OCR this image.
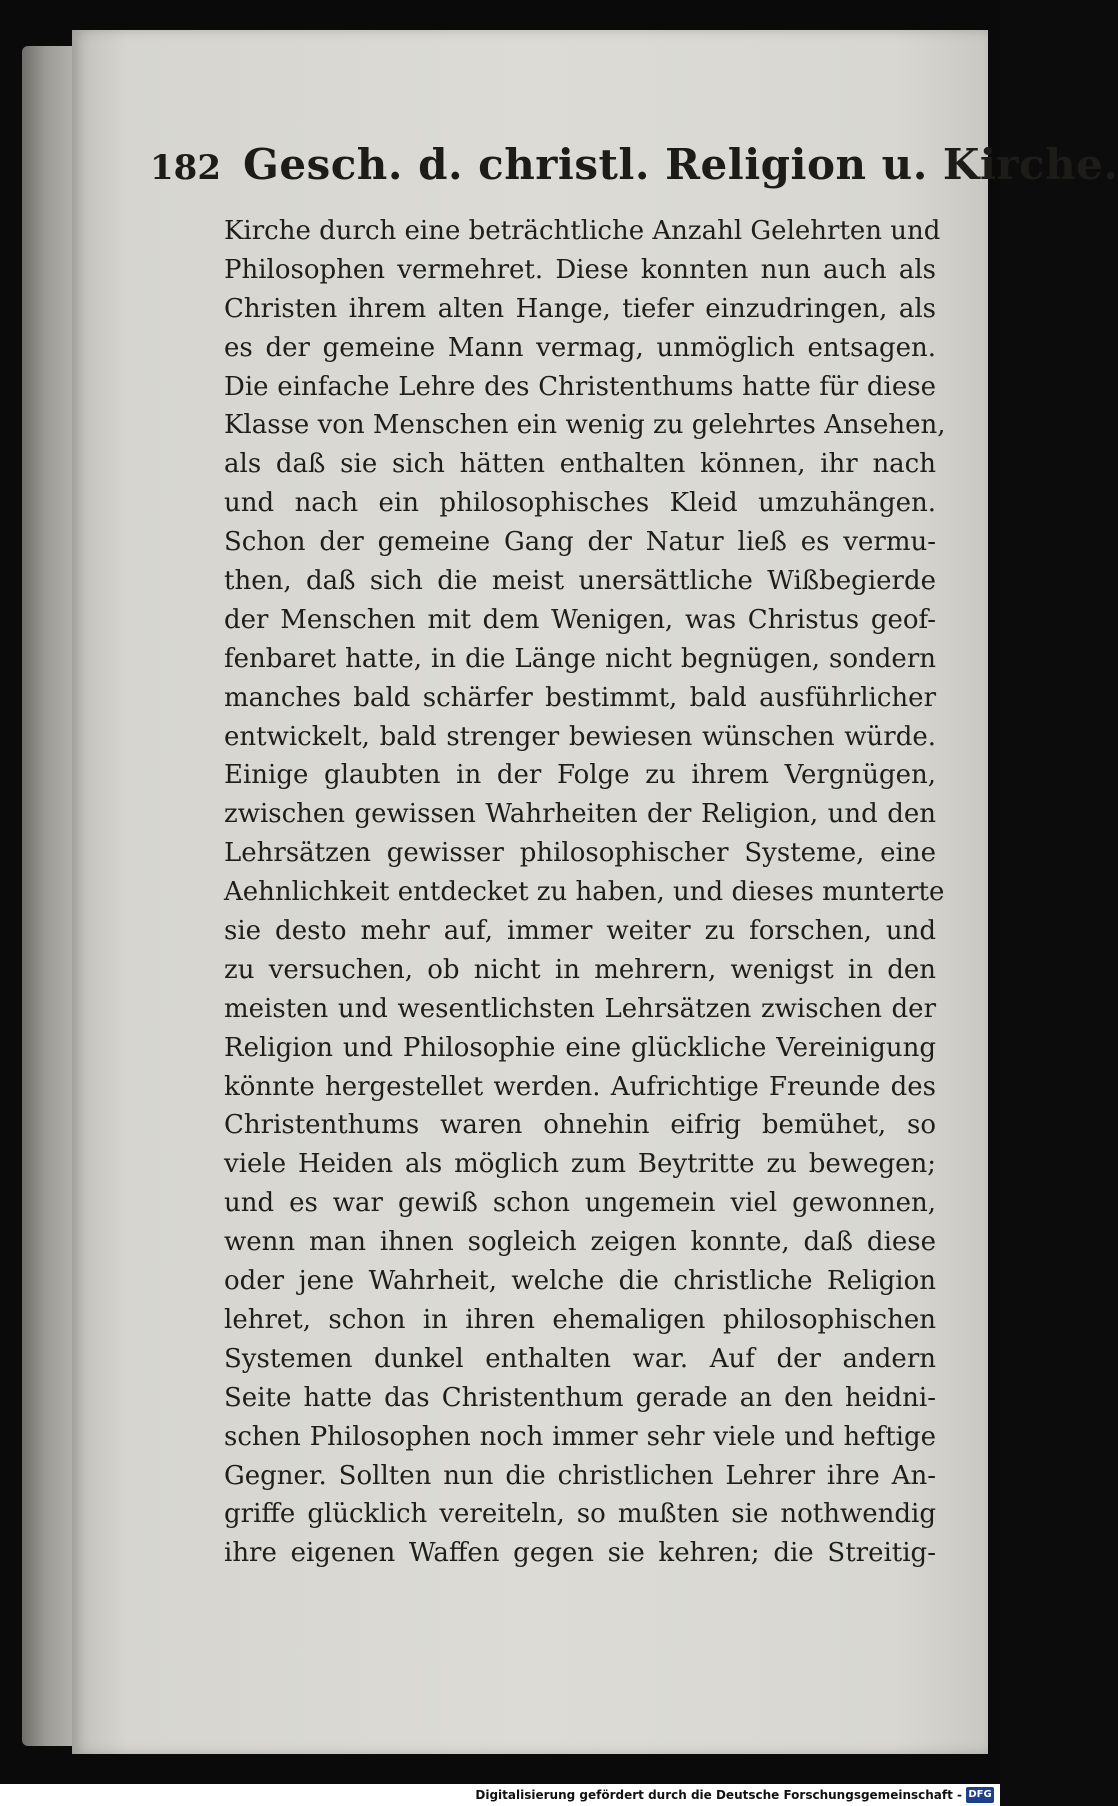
182 Gesch. d. christl. Religion u. Kirche.
Kirche durch eine beträchtliche Anzahl Gelehrten und
Philosophen vermehret. Diese konnten nun auch als
Christen ihrem alten Hange, tiefer einzudringen, als
es der gemeine Mann vermag, unmöglich entsagen.
Die einfache Lehre des Christenthums hatte für diese
Klasse von Menschen ein wenig zu gelehrtes Ansehen,
als daß sie sich hätten enthalten können, ihr nach
und nach ein philosophisches Kleid umzuhängen.
Schon der gemeine Gang der Natur ließ es vermu-
then, daß sich die meist unersättliche Wißbegierde
der Menschen mit dem Wenigen, was Christus geof-
fenbaret hatte, in die Länge nicht begnügen, sondern
manches bald schärfer bestimmt, bald ausführlicher
entwickelt, bald strenger bewiesen wünschen würde.
Einige glaubten in der Folge zu ihrem Vergnügen,
zwischen gewissen Wahrheiten der Religion, und den
Lehrsätzen gewisser philosophischer Systeme, eine
Aehnlichkeit entdecket zu haben, und dieses munterte
sie desto mehr auf, immer weiter zu forschen, und
zu versuchen, ob nicht in mehrern, wenigst in den
meisten und wesentlichsten Lehrsätzen zwischen der
Religion und Philosophie eine glückliche Vereinigung
könnte hergestellet werden. Aufrichtige Freunde des
Christenthums waren ohnehin eifrig bemühet, so
viele Heiden als möglich zum Beytritte zu bewegen;
und es war gewiß schon ungemein viel gewonnen,
wenn man ihnen sogleich zeigen konnte, daß diese
oder jene Wahrheit, welche die christliche Religion
lehret, schon in ihren ehemaligen philosophischen
Systemen dunkel enthalten war. Auf der andern
Seite hatte das Christenthum gerade an den heidni-
schen Philosophen noch immer sehr viele und heftige
Gegner. Sollten nun die christlichen Lehrer ihre An-
griffe glücklich vereiteln, so mußten sie nothwendig
ihre eigenen Waffen gegen sie kehren; die Streitig-
Digitalisierung gefördert durch die Deutsche Forschungsgemeinschaft - DFG
